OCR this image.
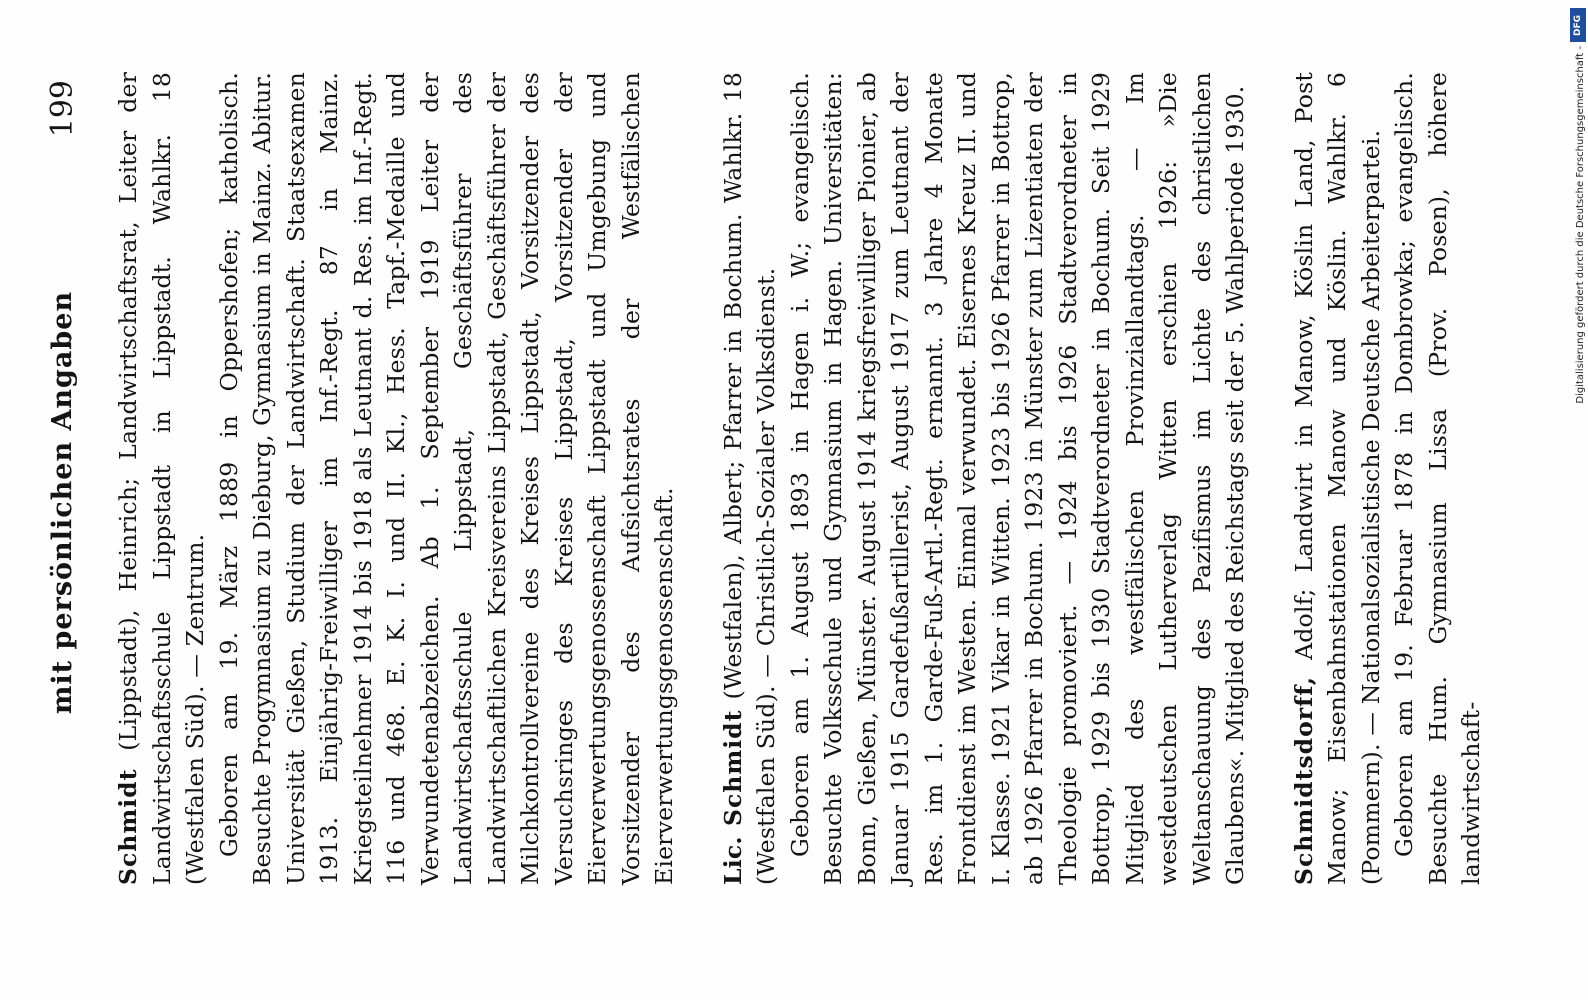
mit persönlichen Angaben
199

Schmidt (Lippstadt), Heinrich; Landwirtschaftsrat, Leiter der Landwirtschaftsschule Lippstadt in Lippstadt. Wahlkr. 18 (Westfalen Süd). — Zentrum. Geboren am 19. März 1889 in Oppershofen; katholisch. Besuchte Progymnasium zu Dieburg, Gymnasium in Mainz. Abitur. Universität Gießen, Studium der Landwirtschaft. Staatsexamen 1913. Einjährig-Freiwilliger im Inf.-Regt. 87 in Mainz. Kriegsteilnehmer 1914 bis 1918 als Leutnant d. Res. im Inf.-Regt. 116 und 468. E. K. I. und II. Kl., Hess. Tapf.-Medaille und Verwundetenabzeichen. Ab 1. September 1919 Leiter der Landwirtschaftsschule Lippstadt, Geschäftsführer des Landwirtschaftlichen Kreisvereins Lippstadt, Geschäftsführer der Milchkontrollvereine des Kreises Lippstadt, Vorsitzender des Versuchsringes des Kreises Lippstadt, Vorsitzender der Eierverwertungsgenossenschaft Lippstadt und Umgebung und Vorsitzender des Aufsichtsrates der Westfälischen Eierverwertungsgenossenschaft. Lic. Schmidt (Westfalen), Albert; Pfarrer in Bochum. Wahlkr. 18 (Westfalen Süd). — Christlich-Sozialer Volksdienst. Geboren am 1. August 1893 in Hagen i. W.; evangelisch. Besuchte Volksschule und Gymnasium in Hagen. Universitäten: Bonn, Gießen, Münster. August 1914 kriegsfreiwilliger Pionier, ab Januar 1915 Gardefußartillerist, August 1917 zum Leutnant der Res. im 1. Garde-Fuß-Artl.-Regt. ernannt. 3 Jahre 4 Monate Frontdienst im Westen. Einmal verwundet. Eisernes Kreuz II. und I. Klasse. 1921 Vikar in Witten. 1923 bis 1926 Pfarrer in Bottrop, ab 1926 Pfarrer in Bochum. 1923 in Münster zum Lizentiaten der Theologie promoviert. — 1924 bis 1926 Stadtverordneter in Bottrop, 1929 bis 1930 Stadtverordneter in Bochum. Seit 1929 Mitglied des westfälischen Provinziallandtags. — Im westdeutschen Lutherverlag Witten erschien 1926: »Die Weltanschauung des Pazifismus im Lichte des christlichen Glaubens«. Mitglied des Reichstags seit der 5. Wahlperiode 1930. Schmidtsdorff, Adolf; Landwirt in Manow, Köslin Land, Post Manow; Eisenbahnstationen Manow und Köslin. Wahlkr. 6 (Pommern). — Nationalsozialistische Deutsche Arbeiterpartei. Geboren am 19. Februar 1878 in Dombrowka; evangelisch. Besuchte Hum. Gymnasium Lissa (Prov. Posen), höhere landwirtschaft-

DFG
Digitalisierung gefördert durch die Deutsche Forschungsgemeinschaft -
